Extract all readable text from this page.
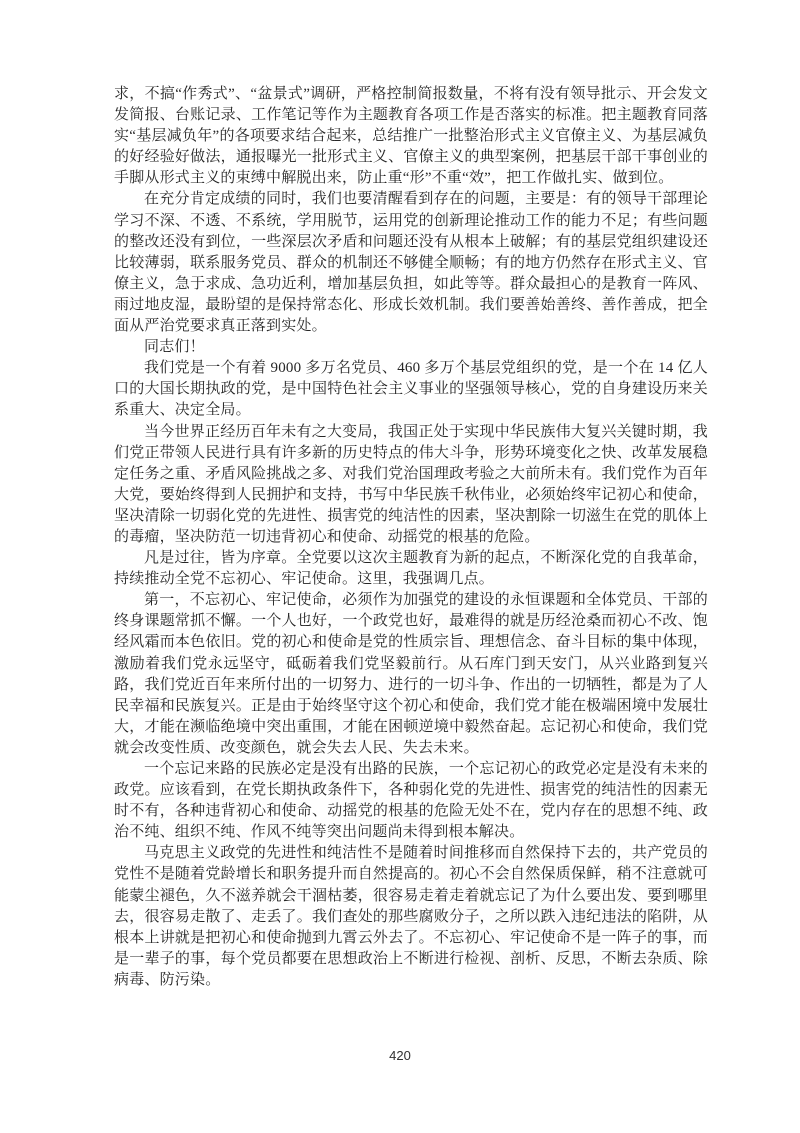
求，不搞“作秀式”、“盆景式”调研，严格控制简报数量，不将有没有领导批示、开会发文发简报、台账记录、工作笔记等作为主题教育各项工作是否落实的标准。把主题教育同落实“基层减负年”的各项要求结合起来，总结推广一批整治形式主义官僚主义、为基层减负的好经验好做法，通报曝光一批形式主义、官僚主义的典型案例，把基层干部干事创业的手脚从形式主义的束缚中解脱出来，防止重“形”不重“效”，把工作做扎实、做到位。

在充分肯定成绩的同时，我们也要清醒看到存在的问题，主要是：有的领导干部理论学习不深、不透、不系统，学用脱节，运用党的创新理论推动工作的能力不足；有些问题的整改还没有到位，一些深层次矛盾和问题还没有从根本上破解；有的基层党组织建设还比较薄弱，联系服务党员、群众的机制还不够健全顺畅；有的地方仍然存在形式主义、官僚主义，急于求成、急功近利，增加基层负担，如此等等。群众最担心的是教育一阵风、雨过地皮湿，最盼望的是保持常态化、形成长效机制。我们要善始善终、善作善成，把全面从严治党要求真正落到实处。

同志们！

我们党是一个有着 9000 多万名党员、460 多万个基层党组织的党，是一个在 14 亿人口的大国长期执政的党，是中国特色社会主义事业的坚强领导核心，党的自身建设历来关系重大、决定全局。

当今世界正经历百年未有之大变局，我国正处于实现中华民族伟大复兴关键时期，我们党正带领人民进行具有许多新的历史特点的伟大斗争，形势环境变化之快、改革发展稳定任务之重、矛盾风险挑战之多、对我们党治国理政考验之大前所未有。我们党作为百年大党，要始终得到人民拥护和支持，书写中华民族千秋伟业，必须始终牢记初心和使命，坚决清除一切弱化党的先进性、损害党的纯洁性的因素，坚决割除一切滋生在党的肌体上的毒瘤，坚决防范一切违背初心和使命、动摇党的根基的危险。

凡是过往，皆为序章。全党要以这次主题教育为新的起点，不断深化党的自我革命，持续推动全党不忘初心、牢记使命。这里，我强调几点。

第一，不忘初心、牢记使命，必须作为加强党的建设的永恒课题和全体党员、干部的终身课题常抓不懈。一个人也好，一个政党也好，最难得的就是历经沧桑而初心不改、饱经风霜而本色依旧。党的初心和使命是党的性质宗旨、理想信念、奋斗目标的集中体现，激励着我们党永远坚守，砥砺着我们党坚毅前行。从石库门到天安门，从兴业路到复兴路，我们党近百年来所付出的一切努力、进行的一切斗争、作出的一切牺牲，都是为了人民幸福和民族复兴。正是由于始终坚守这个初心和使命，我们党才能在极端困境中发展壮大，才能在濒临绝境中突出重围，才能在困顿逆境中毅然奋起。忘记初心和使命，我们党就会改变性质、改变颜色，就会失去人民、失去未来。

一个忘记来路的民族必定是没有出路的民族，一个忘记初心的政党必定是没有未来的政党。应该看到，在党长期执政条件下，各种弱化党的先进性、损害党的纯洁性的因素无时不有，各种违背初心和使命、动摇党的根基的危险无处不在，党内存在的思想不纯、政治不纯、组织不纯、作风不纯等突出问题尚未得到根本解决。

马克思主义政党的先进性和纯洁性不是随着时间推移而自然保持下去的，共产党员的党性不是随着党龄增长和职务提升而自然提高的。初心不会自然保质保鲜，稍不注意就可能蒙尘褪色，久不滋养就会干涸枯萎，很容易走着走着就忘记了为什么要出发、要到哪里去，很容易走散了、走丢了。我们查处的那些腐败分子，之所以跌入违纪违法的陷阱，从根本上讲就是把初心和使命抛到九霄云外去了。不忘初心、牢记使命不是一阵子的事，而是一辈子的事，每个党员都要在思想政治上不断进行检视、剖析、反思，不断去杂质、除病毒、防污染。

420
